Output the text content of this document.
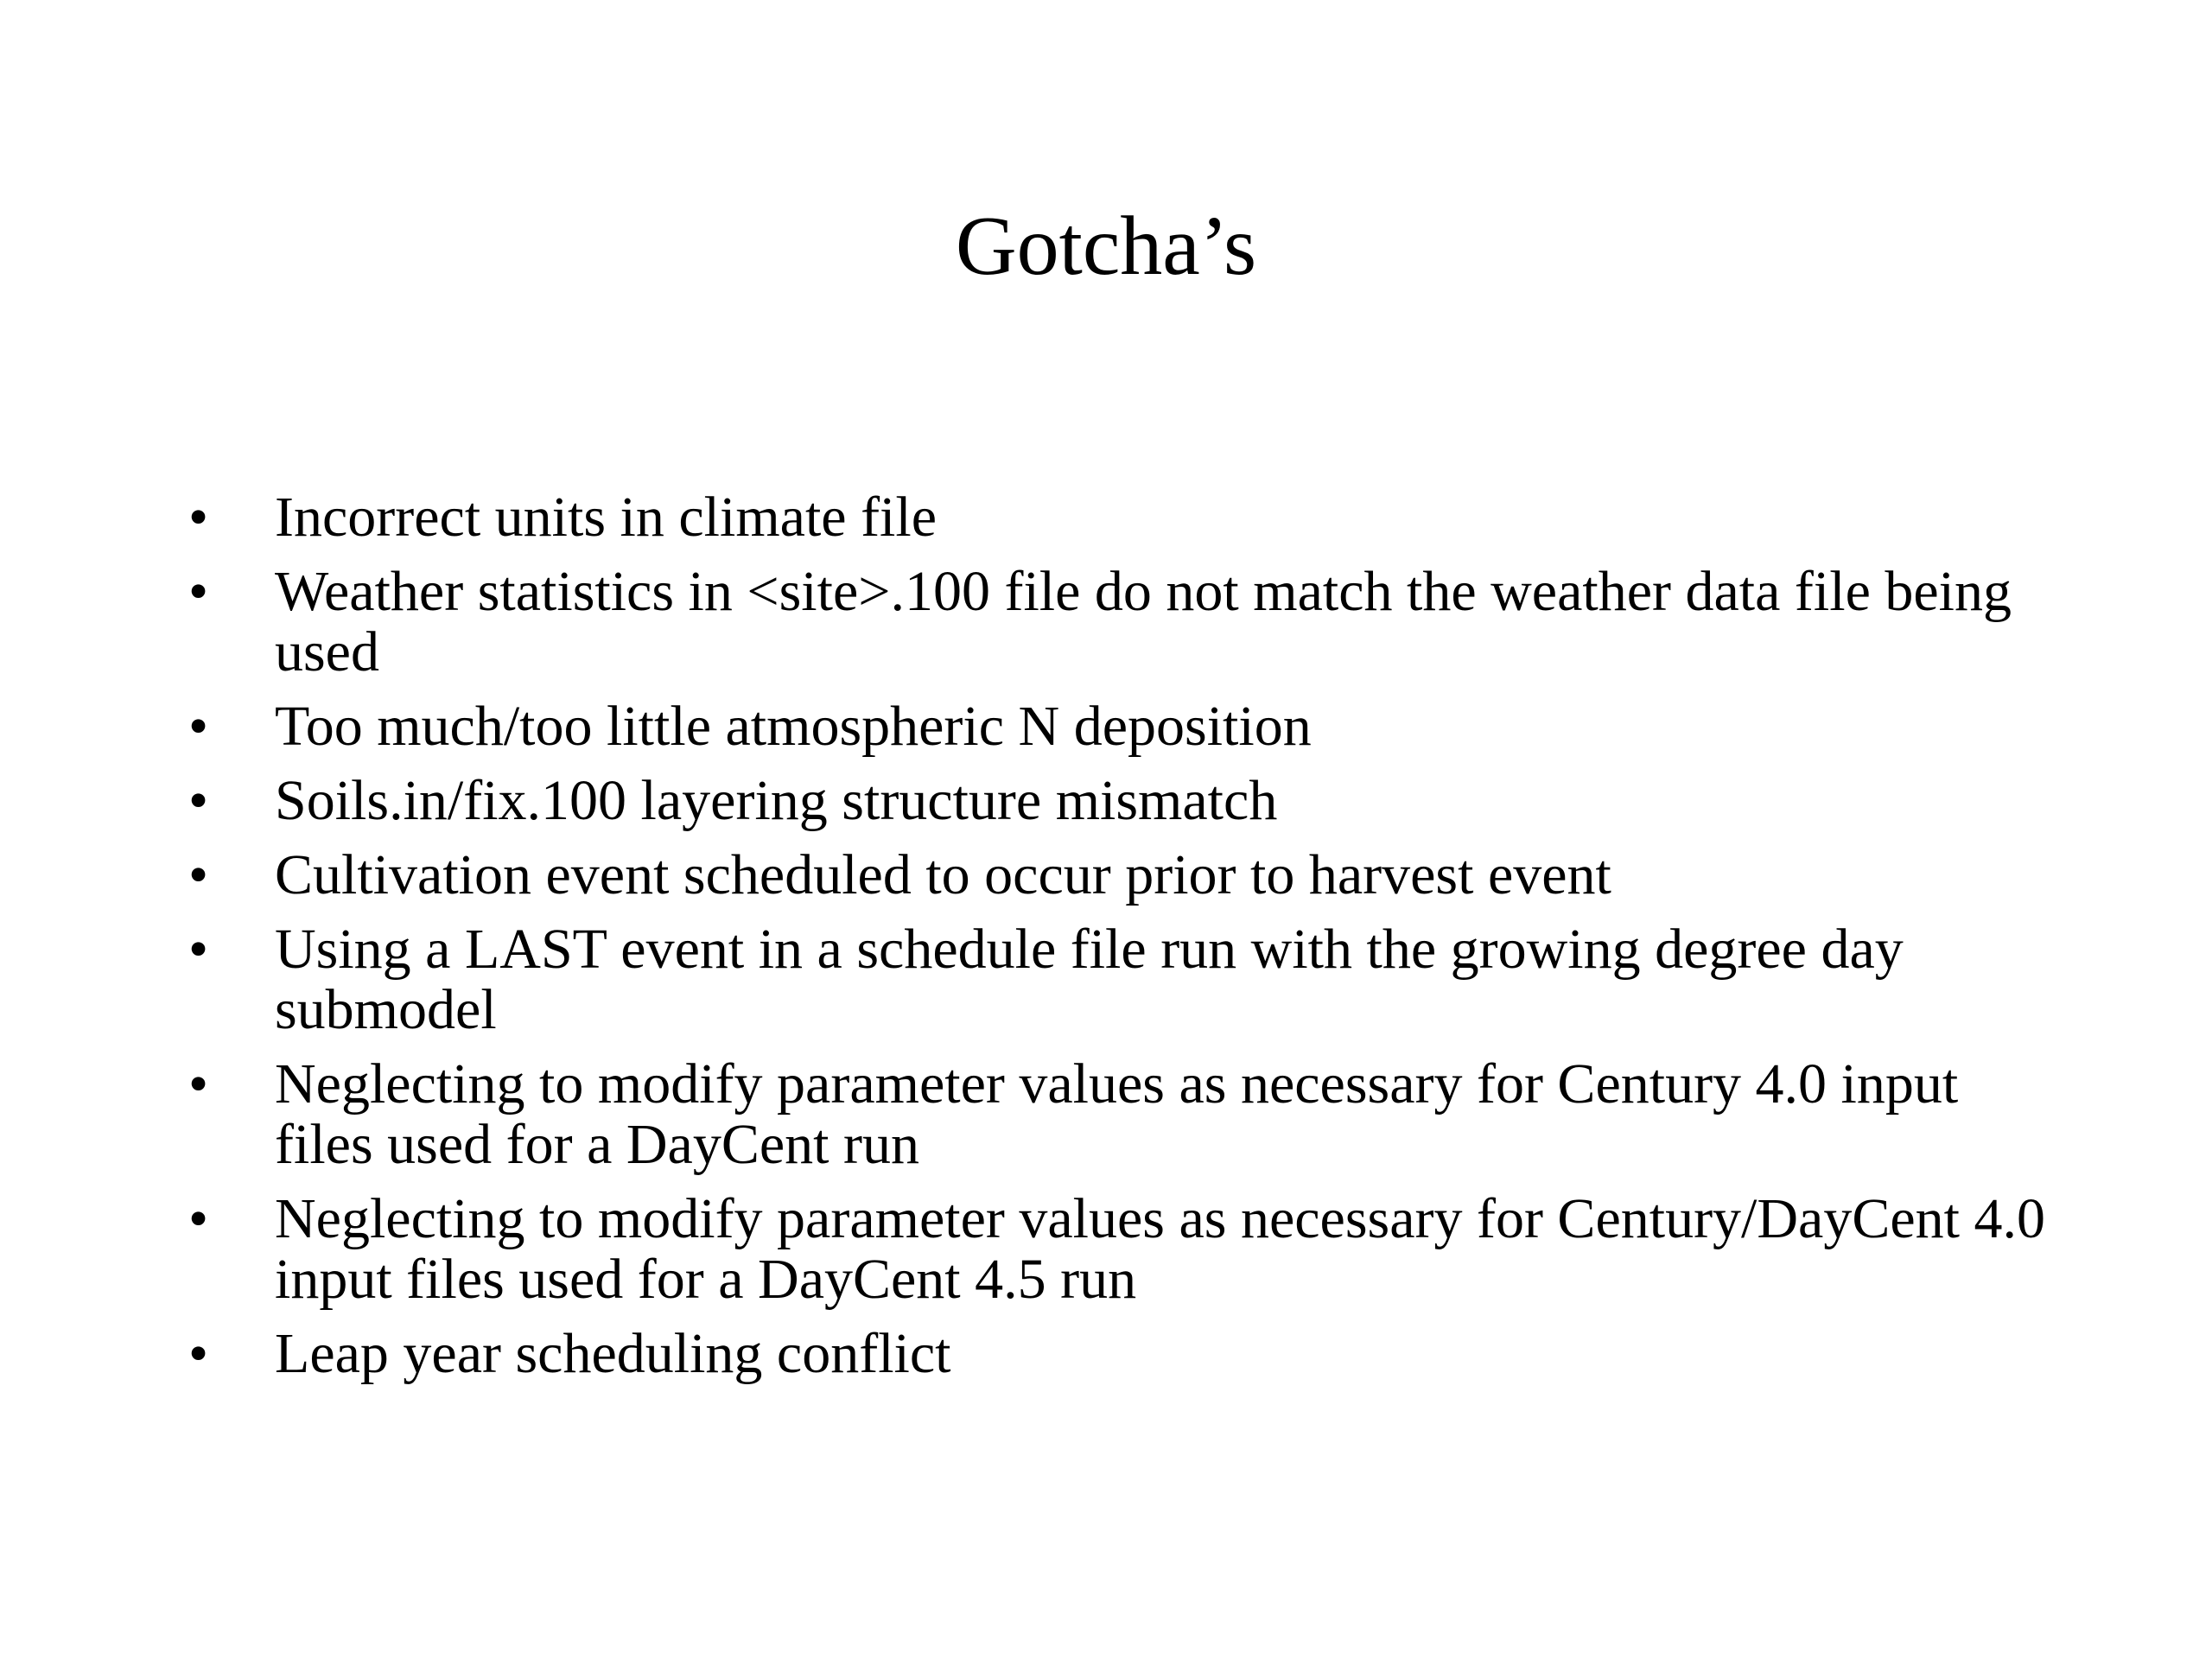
Gotcha’s
• Incorrect units in climate file
• Weather statistics in <site>.100 file do not match the weather data file being used
• Too much/too little atmospheric N deposition
• Soils.in/fix.100 layering structure mismatch
• Cultivation event scheduled to occur prior to harvest event
• Using a LAST event in a schedule file run with the growing degree day submodel
• Neglecting to modify parameter values as necessary for Century 4.0 input files used for a DayCent run
• Neglecting to modify parameter values as necessary for Century/DayCent 4.0 input files used for a DayCent 4.5 run
• Leap year scheduling conflict
